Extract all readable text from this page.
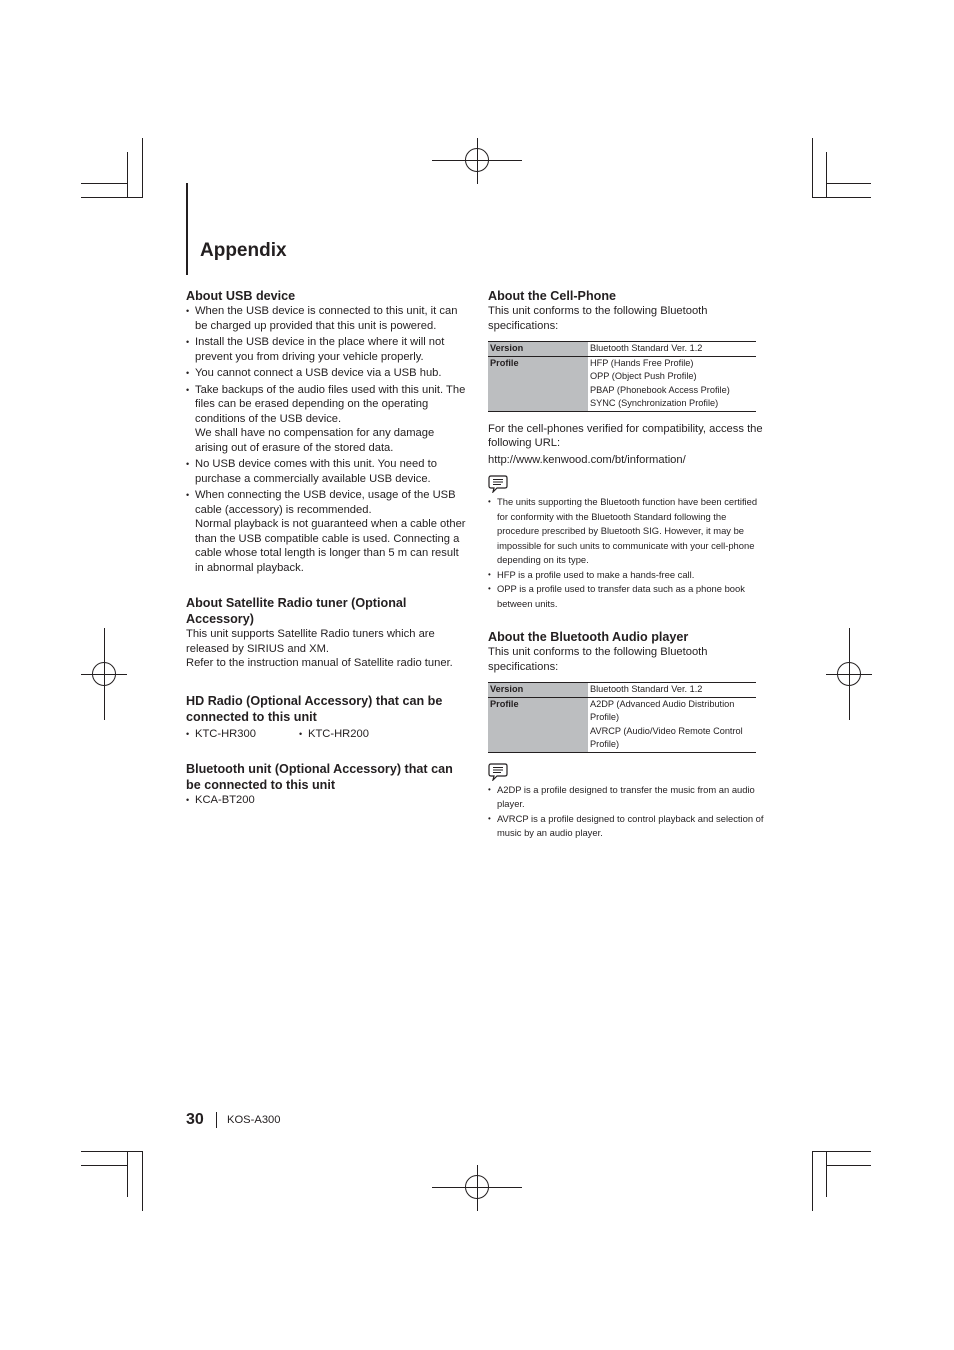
Appendix
About USB device
• When the USB device is connected to this unit, it can be charged up provided that this unit is powered.
• Install the USB device in the place where it will not prevent you from driving your vehicle properly.
• You cannot connect a USB device via a USB hub.
• Take backups of the audio files used with this unit. The files can be erased depending on the operating conditions of the USB device.
We shall have no compensation for any damage arising out of erasure of the stored data.
• No USB device comes with this unit. You need to purchase a commercially available USB device.
• When connecting the USB device, usage of the USB cable (accessory) is recommended.
Normal playback is not guaranteed when a cable other than the USB compatible cable is used. Connecting a cable whose total length is longer than 5 m can result in abnormal playback.
About Satellite Radio tuner (Optional Accessory)

This unit supports Satellite Radio tuners which are released by SIRIUS and XM.
Refer to the instruction manual of Satellite radio tuner.

HD Radio (Optional Accessory) that can be connected to this unit
• KTC-HR300	• KTC-HR200
Bluetooth unit (Optional Accessory) that can be connected to this unit
• KCA-BT200
About the Cell-Phone

This unit conforms to the following Bluetooth specifications:

Version	Bluetooth Standard Ver. 1.2
Profile	HFP (Hands Free Profile)
OPP (Object Push Profile)
PBAP (Phonebook Access Profile)
SYNC (Synchronization Profile)

For the cell-phones verified for compatibility, access the following URL:

http://www.kenwood.com/bt/information/

• The units supporting the Bluetooth function have been certified for conformity with the Bluetooth Standard following the procedure prescribed by Bluetooth SIG. However, it may be impossible for such units to communicate with your cell-phone depending on its type.
• HFP is a profile used to make a hands-free call.
• OPP is a profile used to transfer data such as a phone book between units.
About the Bluetooth Audio player

This unit conforms to the following Bluetooth specifications:

Version	Bluetooth Standard Ver. 1.2
Profile	A2DP (Advanced Audio Distribution Profile)
AVRCP (Audio/Video Remote Control Profile)
• A2DP is a profile designed to transfer the music from an audio player.
• AVRCP is a profile designed to control playback and selection of music by an audio player.
30 KOS-A300
